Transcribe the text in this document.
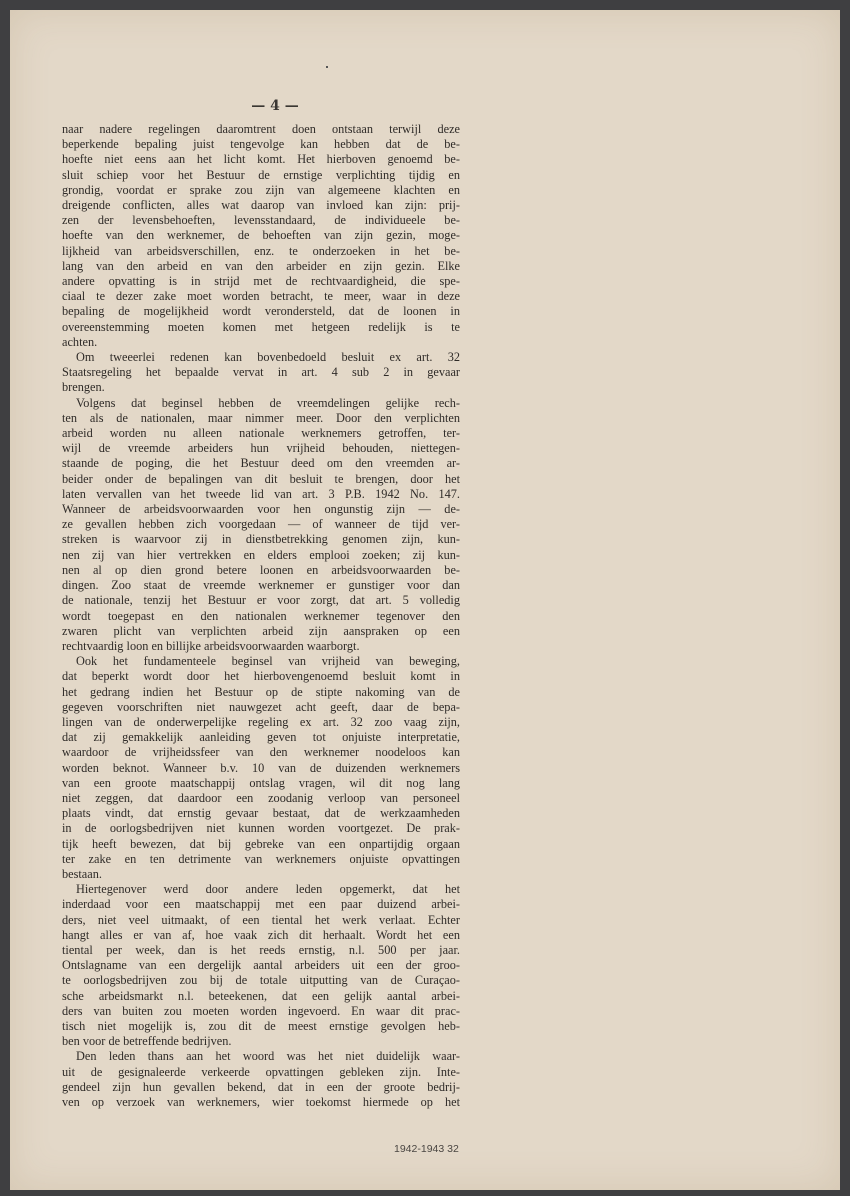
— 4 —
naar nadere regelingen daaromtrent doen ontstaan terwijl deze
beperkende bepaling juist tengevolge kan hebben dat de be-
hoefte niet eens aan het licht komt. Het hierboven genoemd be-
sluit schiep voor het Bestuur de ernstige verplichting tijdig en
grondig, voordat er sprake zou zijn van algemeene klachten en
dreigende conflicten, alles wat daarop van invloed kan zijn: prij-
zen der levensbehoeften, levensstandaard, de individueele be-
hoefte van den werknemer, de behoeften van zijn gezin, moge-
lijkheid van arbeidsverschillen, enz. te onderzoeken in het be-
lang van den arbeid en van den arbeider en zijn gezin. Elke
andere opvatting is in strijd met de rechtvaardigheid, die spe-
ciaal te dezer zake moet worden betracht, te meer, waar in deze
bepaling de mogelijkheid wordt verondersteld, dat de loonen in
overeenstemming moeten komen met hetgeen redelijk is te
achten.
Om tweeerlei redenen kan bovenbedoeld besluit ex art. 32
Staatsregeling het bepaalde vervat in art. 4 sub 2 in gevaar
brengen.
Volgens dat beginsel hebben de vreemdelingen gelijke rech-
ten als de nationalen, maar nimmer meer. Door den verplichten
arbeid worden nu alleen nationale werknemers getroffen, ter-
wijl de vreemde arbeiders hun vrijheid behouden, niettegen-
staande de poging, die het Bestuur deed om den vreemden ar-
beider onder de bepalingen van dit besluit te brengen, door het
laten vervallen van het tweede lid van art. 3 P.B. 1942 No. 147.
Wanneer de arbeidsvoorwaarden voor hen ongunstig zijn — de-
ze gevallen hebben zich voorgedaan — of wanneer de tijd ver-
streken is waarvoor zij in dienstbetrekking genomen zijn, kun-
nen zij van hier vertrekken en elders emplooi zoeken; zij kun-
nen al op dien grond betere loonen en arbeidsvoorwaarden be-
dingen. Zoo staat de vreemde werknemer er gunstiger voor dan
de nationale, tenzij het Bestuur er voor zorgt, dat art. 5 volledig
wordt toegepast en den nationalen werknemer tegenover den
zwaren plicht van verplichten arbeid zijn aanspraken op een
rechtvaardig loon en billijke arbeidsvoorwaarden waarborgt.
Ook het fundamenteele beginsel van vrijheid van beweging,
dat beperkt wordt door het hierbovengenoemd besluit komt in
het gedrang indien het Bestuur op de stipte nakoming van de
gegeven voorschriften niet nauwgezet acht geeft, daar de bepa-
lingen van de onderwerpelijke regeling ex art. 32 zoo vaag zijn,
dat zij gemakkelijk aanleiding geven tot onjuiste interpretatie,
waardoor de vrijheidssfeer van den werknemer noodeloos kan
worden beknot. Wanneer b.v. 10 van de duizenden werknemers
van een groote maatschappij ontslag vragen, wil dit nog lang
niet zeggen, dat daardoor een zoodanig verloop van personeel
plaats vindt, dat ernstig gevaar bestaat, dat de werkzaamheden
in de oorlogsbedrijven niet kunnen worden voortgezet. De prak-
tijk heeft bewezen, dat bij gebreke van een onpartijdig orgaan
ter zake en ten detrimente van werknemers onjuiste opvattingen
bestaan.
Hiertegenover werd door andere leden opgemerkt, dat het
inderdaad voor een maatschappij met een paar duizend arbei-
ders, niet veel uitmaakt, of een tiental het werk verlaat. Echter
hangt alles er van af, hoe vaak zich dit herhaalt. Wordt het een
tiental per week, dan is het reeds ernstig, n.l. 500 per jaar.
Ontslagname van een dergelijk aantal arbeiders uit een der groo-
te oorlogsbedrijven zou bij de totale uitputting van de Curaçao-
sche arbeidsmarkt n.l. beteekenen, dat een gelijk aantal arbei-
ders van buiten zou moeten worden ingevoerd. En waar dit prac-
tisch niet mogelijk is, zou dit de meest ernstige gevolgen heb-
ben voor de betreffende bedrijven.
Den leden thans aan het woord was het niet duidelijk waar-
uit de gesignaleerde verkeerde opvattingen gebleken zijn. Inte-
gendeel zijn hun gevallen bekend, dat in een der groote bedrij-
ven op verzoek van werknemers, wier toekomst hiermede op het
1942-1943 32
